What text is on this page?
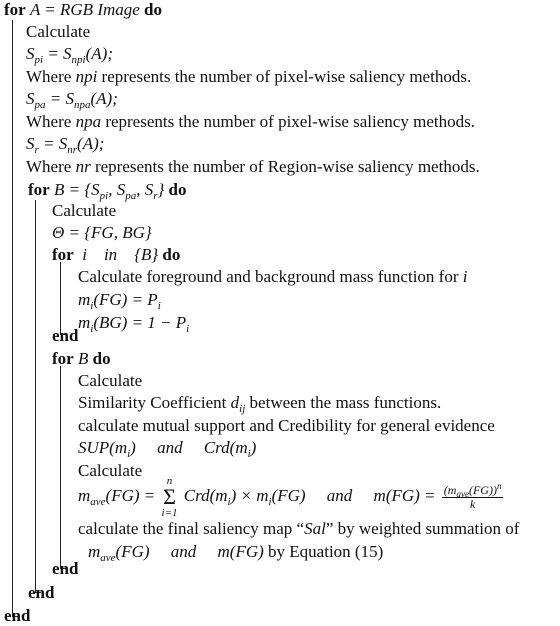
for A = RGB Image do
Calculate
$S_{pi} = S_{npi}(A)$;
Where npi represents the number of pixel-wise saliency methods.
$S_{pa} = S_{npa}(A)$;
Where npa represents the number of pixel-wise saliency methods.
$S_r = S_{nr}(A)$;
Where nr represents the number of Region-wise saliency methods.
for $B = \{S_{pi}$, $S_{pa}$, $S_r$} do
Calculate
Θ = {FG, BG}
for i in {B} do
Calculate foreground and background mass function for i
$m_i(FG) = P_i$
$m_i(BG) = 1 - P_i$
end
for B do
Calculate
Similarity Coefficient $d_{ij}$ between the mass functions.
calculate mutual support and Credibility for general evidence
$SUP(m_i)$ and $Crd(m_i)$
Calculate
$m_{ave}(FG)$ =
n
Σ
i=1
$Crd(m_i) \times m_i(FG)$ and $m(FG) = \frac{(m_{ave}(FG))^n}{k}$
calculate the final saliency map “Sal” by weighted summation of
$m_{ave}(FG)$ and m(FG) by Equation (15)
end
end
end
